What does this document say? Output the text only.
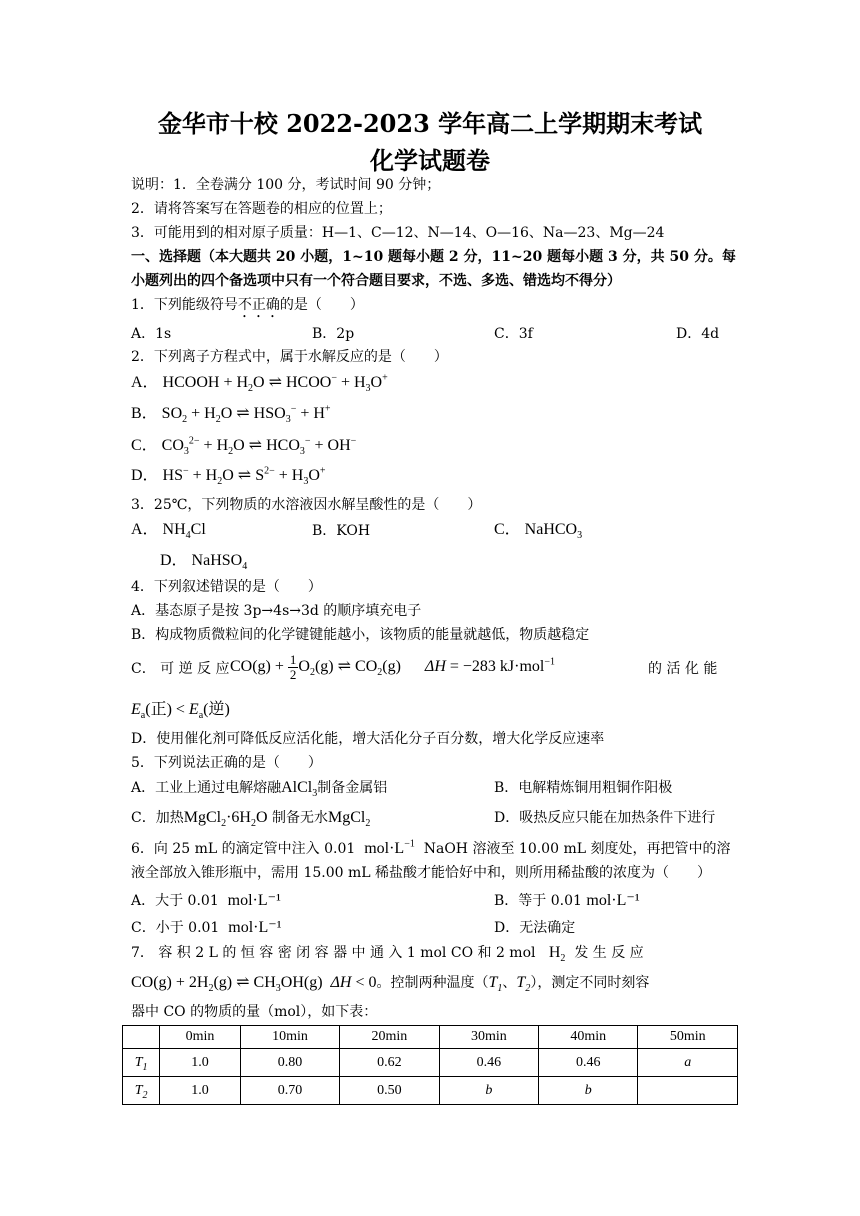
金华市十校 2022-2023 学年高二上学期期末考试
化学试题卷
说明：1．全卷满分 100 分，考试时间 90 分钟；
2．请将答案写在答题卷的相应的位置上；
3．可能用到的相对原子质量：H—1、C—12、N—14、O—16、Na—23、Mg—24
一、选择题（本大题共 20 小题，1~10 题每小题 2 分，11~20 题每小题 3 分，共 50 分。每
小题列出的四个备选项中只有一个符合题目要求，不选、多选、错选均不得分）
1．下列能级符号不正确的是（　　）
A．1s	B．2p	C．3f	D．4d
2．下列离子方程式中，属于水解反应的是（　　）
A． HCOOH + $H_2O$ ⇌ HCOO− + $H_3O^+$
B． $SO_2 + H_2O$ ⇌ $HSO_3^- + H^+$
C． $CO_3^{2-} + H_2O$ ⇌ $HCO_3^- + OH^-$
D． $HS^- + H_2O$ ⇌ $S^{2-} + H_3O^+$
3．25℃，下列物质的水溶液因水解呈酸性的是（　　）
A． $NH_4Cl$	B．KOH	C． NaHCO$_3$
D． NaHSO$_4$
4．下列叙述错误的是（　　）
A．基态原子是按 3p→4s→3d 的顺序填充电子
B．构成物质微粒间的化学键键能越小，该物质的能量就越低，物质越稳定
C． 可 逆 反 应 $CO(g) + \frac{1}{2} O_2(g)$ ⇌ $CO_2(g)$      ΔH = −283 kJ·mol$^{-1}$	的 活 化 能
$E_a$(正) < $E_a$(逆)
D．使用催化剂可降低反应活化能，增大活化分子百分数，增大化学反应速率
5．下列说法正确的是（　　）
A．工业上通过电解熔融AlCl$_3$制备金属铝	B．电解精炼铜用粗铜作阳极
C．加热$MgCl_2\cdot 6H_2O$ 制备无水MgCl$_2$	D．吸热反应只能在加热条件下进行
6．向 25 mL 的滴定管中注入 0.01 $mol\cdot L^{-1}$ NaOH 溶液至 10.00 mL 刻度处，再把管中的溶
液全部放入锥形瓶中，需用 15.00 mL 稀盐酸才能恰好中和，则所用稀盐酸的浓度为（　　）
A．大于 0.01 mol·L⁻¹	B．等于 0.01 mol·L⁻¹
C．小于 0.01 mol·L⁻¹	D．无法确定
7． 容 积 2 L 的 恒 容 密 闭 容 器 中 通 入 1 mol CO 和 2 mol $H_2$ 发 生 反 应
$CO(g) + 2H_2(g)$ ⇌ $CH_3OH(g) \Delta H < 0$。控制两种温度（$T_1$、$T_2$），测定不同时刻容
器中 CO 的物质的量（mol），如下表：
	0min	10min	20min	30min	40min	50min
$T_1$	1.0	0.80	0.62	0.46	0.46	a
$T_2$	1.0	0.70	0.50	b	b	
